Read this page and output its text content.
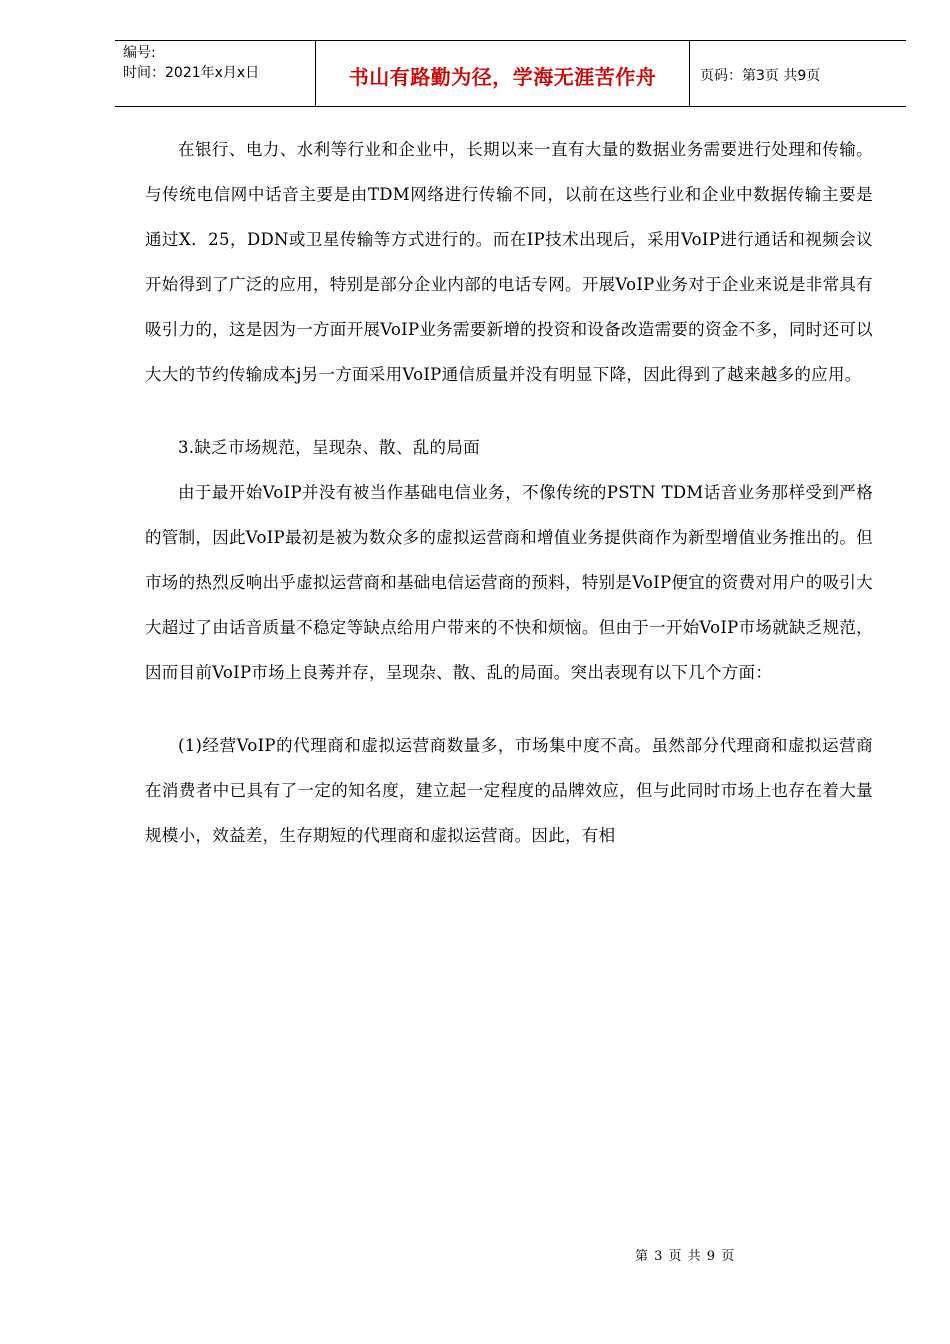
编号:
时间：2021年x月x日	书山有路勤为径，学海无涯苦作舟	页码：第3页 共9页

在银行、电力、水利等行业和企业中，长期以来一直有大量的数据业务需要进行处理和传输。与传统电信网中话音主要是由TDM网络进行传输不同，以前在这些行业和企业中数据传输主要是通过X．25，DDN或卫星传输等方式进行的。而在IP技术出现后，采用VoIP进行通话和视频会议开始得到了广泛的应用，特别是部分企业内部的电话专网。开展VoIP业务对于企业来说是非常具有吸引力的，这是因为一方面开展VoIP业务需要新增的投资和设备改造需要的资金不多，同时还可以大大的节约传输成本j另一方面采用VoIP通信质量并没有明显下降，因此得到了越来越多的应用。

3.缺乏市场规范，呈现杂、散、乱的局面

由于最开始VoIP并没有被当作基础电信业务，不像传统的PSTN TDM话音业务那样受到严格的管制，因此VoIP最初是被为数众多的虚拟运营商和增值业务提供商作为新型增值业务推出的。但市场的热烈反响出乎虚拟运营商和基础电信运营商的预料，特别是VoIP便宜的资费对用户的吸引大大超过了由话音质量不稳定等缺点给用户带来的不快和烦恼。但由于一开始VoIP市场就缺乏规范，因而目前VoIP市场上良莠并存，呈现杂、散、乱的局面。突出表现有以下几个方面：

(1)经营VoIP的代理商和虚拟运营商数量多，市场集中度不高。虽然部分代理商和虚拟运营商在消费者中已具有了一定的知名度，建立起一定程度的品牌效应，但与此同时市场上也存在着大量规模小，效益差，生存期短的代理商和虚拟运营商。因此，有相

第 3 页 共 9 页
